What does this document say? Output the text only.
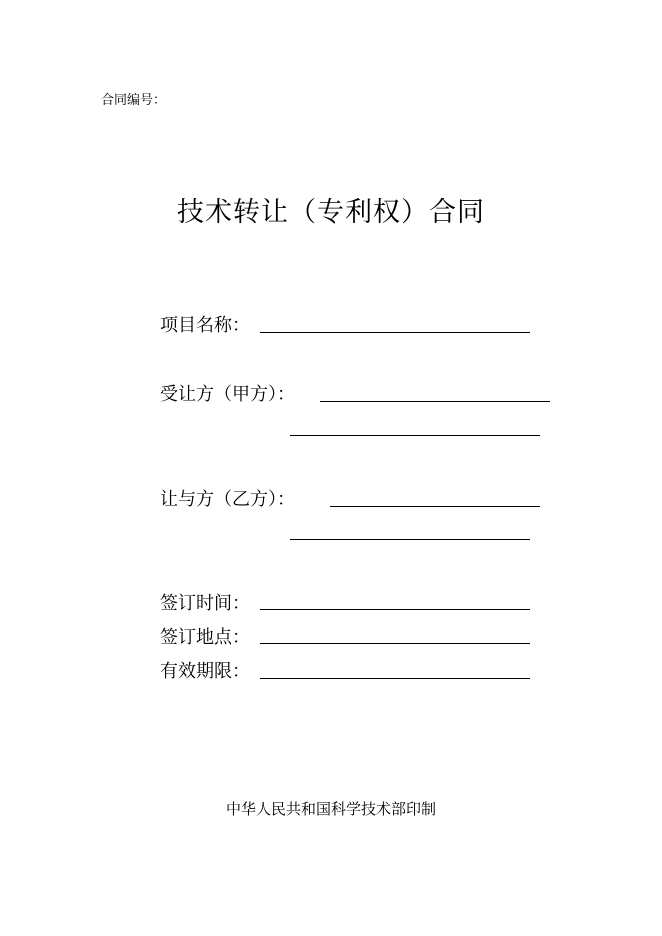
合同编号：
技术转让（专利权）合同
项目名称：
受让方（甲方）：
让与方（乙方）：
签订时间：
签订地点：
有效期限：
中华人民共和国科学技术部印制
